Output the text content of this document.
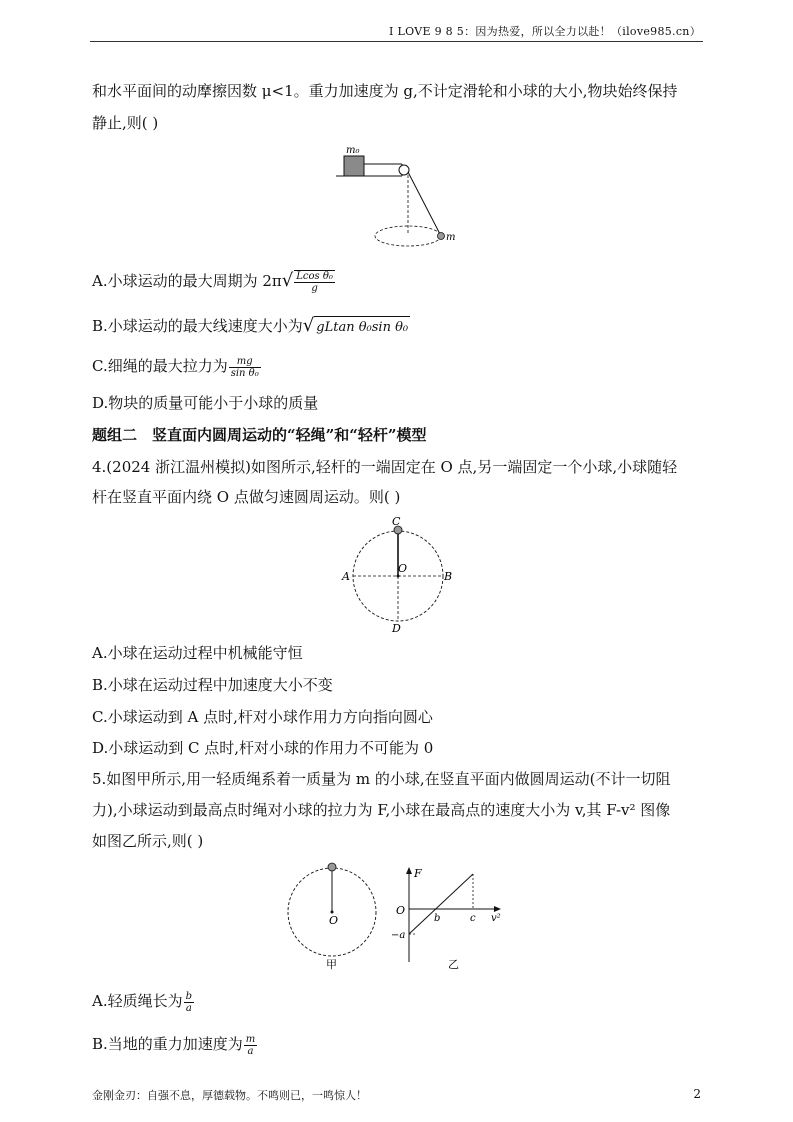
I LOVE 9 8 5：因为热爱，所以全力以赴！（ilove985.cn）
和水平面间的动摩擦因数 μ<1。重力加速度为 g,不计定滑轮和小球的大小,物块始终保持
静止,则( )
m₀
m
A.小球运动的最大周期为 $2\pi√ \frac{\text{Lcos θ₀}}{g}$
B.小球运动的最大线速度大小为√ gLtan θ₀sin θ₀
C.细绳的最大拉力为 $\frac{mg}{\text{sin θ₀}}$
D.物块的质量可能小于小球的质量
题组二　竖直面内圆周运动的“轻绳”和“轻杆”模型
4.(2024 浙江温州模拟)如图所示,轻杆的一端固定在 O 点,另一端固定一个小球,小球随轻
杆在竖直平面内绕 O 点做匀速圆周运动。则( )
C
A
O
B
D
A.小球在运动过程中机械能守恒
B.小球在运动过程中加速度大小不变
C.小球运动到 A 点时,杆对小球作用力方向指向圆心
D.小球运动到 C 点时,杆对小球的作用力不可能为 0
5.如图甲所示,用一轻质绳系着一质量为 m 的小球,在竖直平面内做圆周运动(不计一切阻
力),小球运动到最高点时绳对小球的拉力为 F,小球在最高点的速度大小为 v,其 F-v² 图像
如图乙所示,则( )
O
甲
F
O
b	c v²
−a
乙
A.轻质绳长为 $\frac{b}{a}$
B.当地的重力加速度为 $\frac{m}{a}$
金刚金刃：自强不息，厚德载物。不鸣则已，一鸣惊人！	2
